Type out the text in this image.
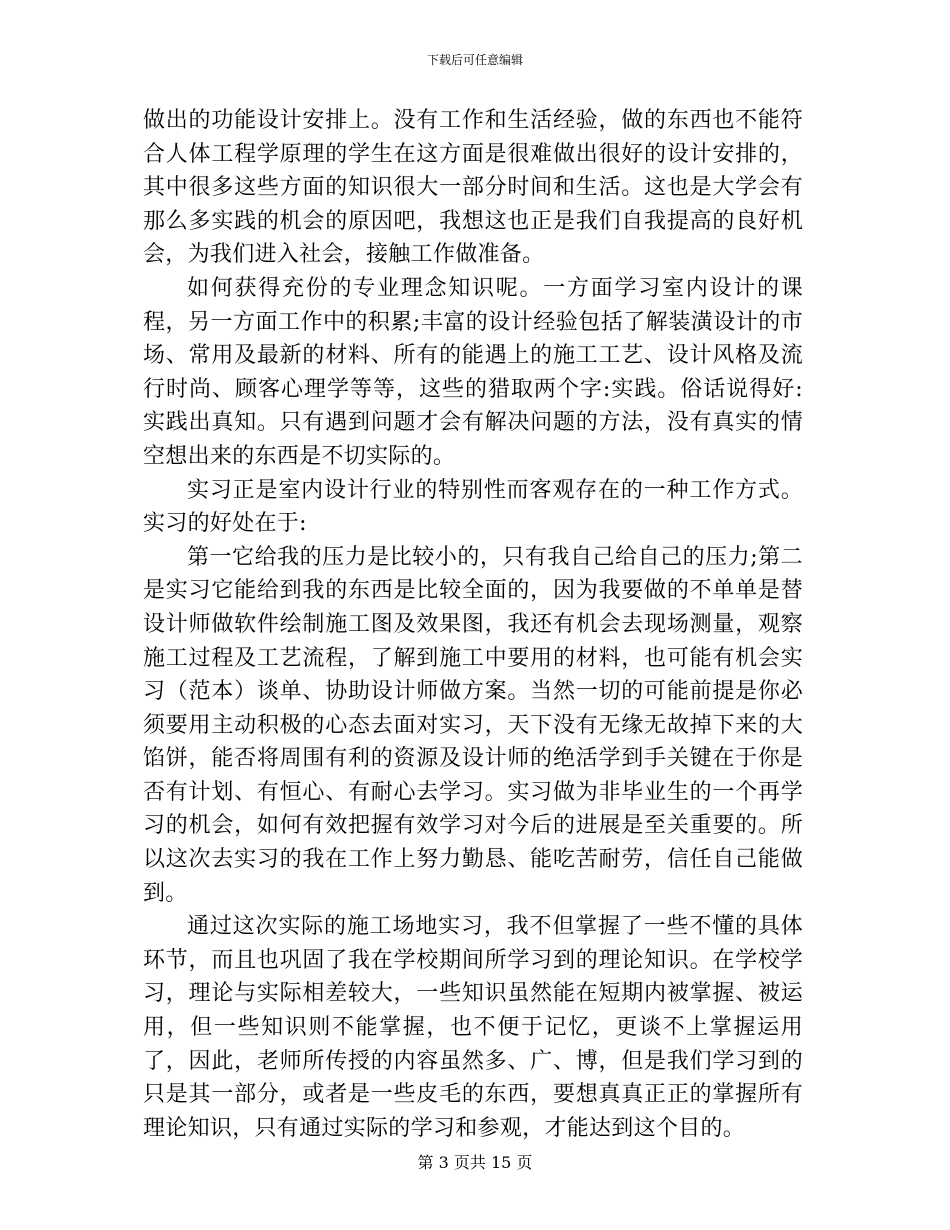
下载后可任意编辑

做出的功能设计安排上。没有工作和生活经验，做的东西也不能符合人体工程学原理的学生在这方面是很难做出很好的设计安排的，其中很多这些方面的知识很大一部分时间和生活。这也是大学会有那么多实践的机会的原因吧，我想这也正是我们自我提高的良好机会，为我们进入社会，接触工作做准备。

如何获得充份的专业理念知识呢。一方面学习室内设计的课程，另一方面工作中的积累;丰富的设计经验包括了解装潢设计的市场、常用及最新的材料、所有的能遇上的施工工艺、设计风格及流行时尚、顾客心理学等等，这些的猎取两个字:实践。俗话说得好:实践出真知。只有遇到问题才会有解决问题的方法，没有真实的情空想出来的东西是不切实际的。

实习正是室内设计行业的特别性而客观存在的一种工作方式。实习的好处在于:

第一它给我的压力是比较小的，只有我自己给自己的压力;第二是实习它能给到我的东西是比较全面的，因为我要做的不单单是替设计师做软件绘制施工图及效果图，我还有机会去现场测量，观察施工过程及工艺流程，了解到施工中要用的材料，也可能有机会实习（范本）谈单、协助设计师做方案。当然一切的可能前提是你必须要用主动积极的心态去面对实习，天下没有无缘无故掉下来的大馅饼，能否将周围有利的资源及设计师的绝活学到手关键在于你是否有计划、有恒心、有耐心去学习。实习做为非毕业生的一个再学习的机会，如何有效把握有效学习对今后的进展是至关重要的。所以这次去实习的我在工作上努力勤恳、能吃苦耐劳，信任自己能做到。

通过这次实际的施工场地实习，我不但掌握了一些不懂的具体环节，而且也巩固了我在学校期间所学习到的理论知识。在学校学习，理论与实际相差较大，一些知识虽然能在短期内被掌握、被运用，但一些知识则不能掌握，也不便于记忆，更谈不上掌握运用了，因此，老师所传授的内容虽然多、广、博，但是我们学习到的只是其一部分，或者是一些皮毛的东西，要想真真正正的掌握所有理论知识，只有通过实际的学习和参观，才能达到这个目的。

第 3 页共 15 页
